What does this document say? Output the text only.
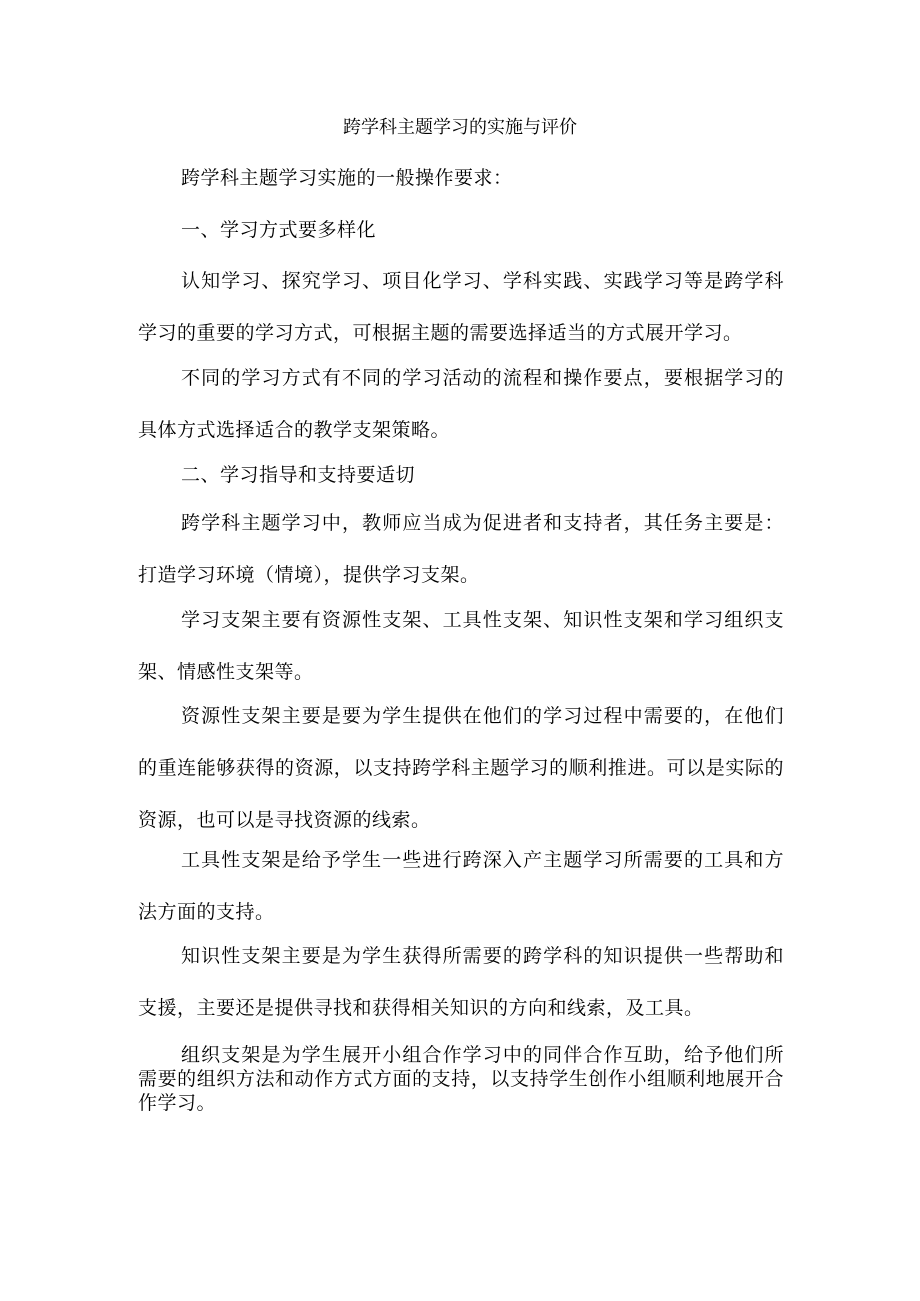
跨学科主题学习的实施与评价

跨学科主题学习实施的一般操作要求：

一、学习方式要多样化

认知学习、探究学习、项目化学习、学科实践、实践学习等是跨学科学习的重要的学习方式，可根据主题的需要选择适当的方式展开学习。

不同的学习方式有不同的学习活动的流程和操作要点，要根据学习的具体方式选择适合的教学支架策略。

二、学习指导和支持要适切

跨学科主题学习中，教师应当成为促进者和支持者，其任务主要是：打造学习环境（情境），提供学习支架。

学习支架主要有资源性支架、工具性支架、知识性支架和学习组织支架、情感性支架等。

资源性支架主要是要为学生提供在他们的学习过程中需要的，在他们的重连能够获得的资源，以支持跨学科主题学习的顺利推进。可以是实际的资源，也可以是寻找资源的线索。

工具性支架是给予学生一些进行跨深入产主题学习所需要的工具和方法方面的支持。

知识性支架主要是为学生获得所需要的跨学科的知识提供一些帮助和支援，主要还是提供寻找和获得相关知识的方向和线索，及工具。

组织支架是为学生展开小组合作学习中的同伴合作互助，给予他们所需要的组织方法和动作方式方面的支持，以支持学生创作小组顺利地展开合作学习。
